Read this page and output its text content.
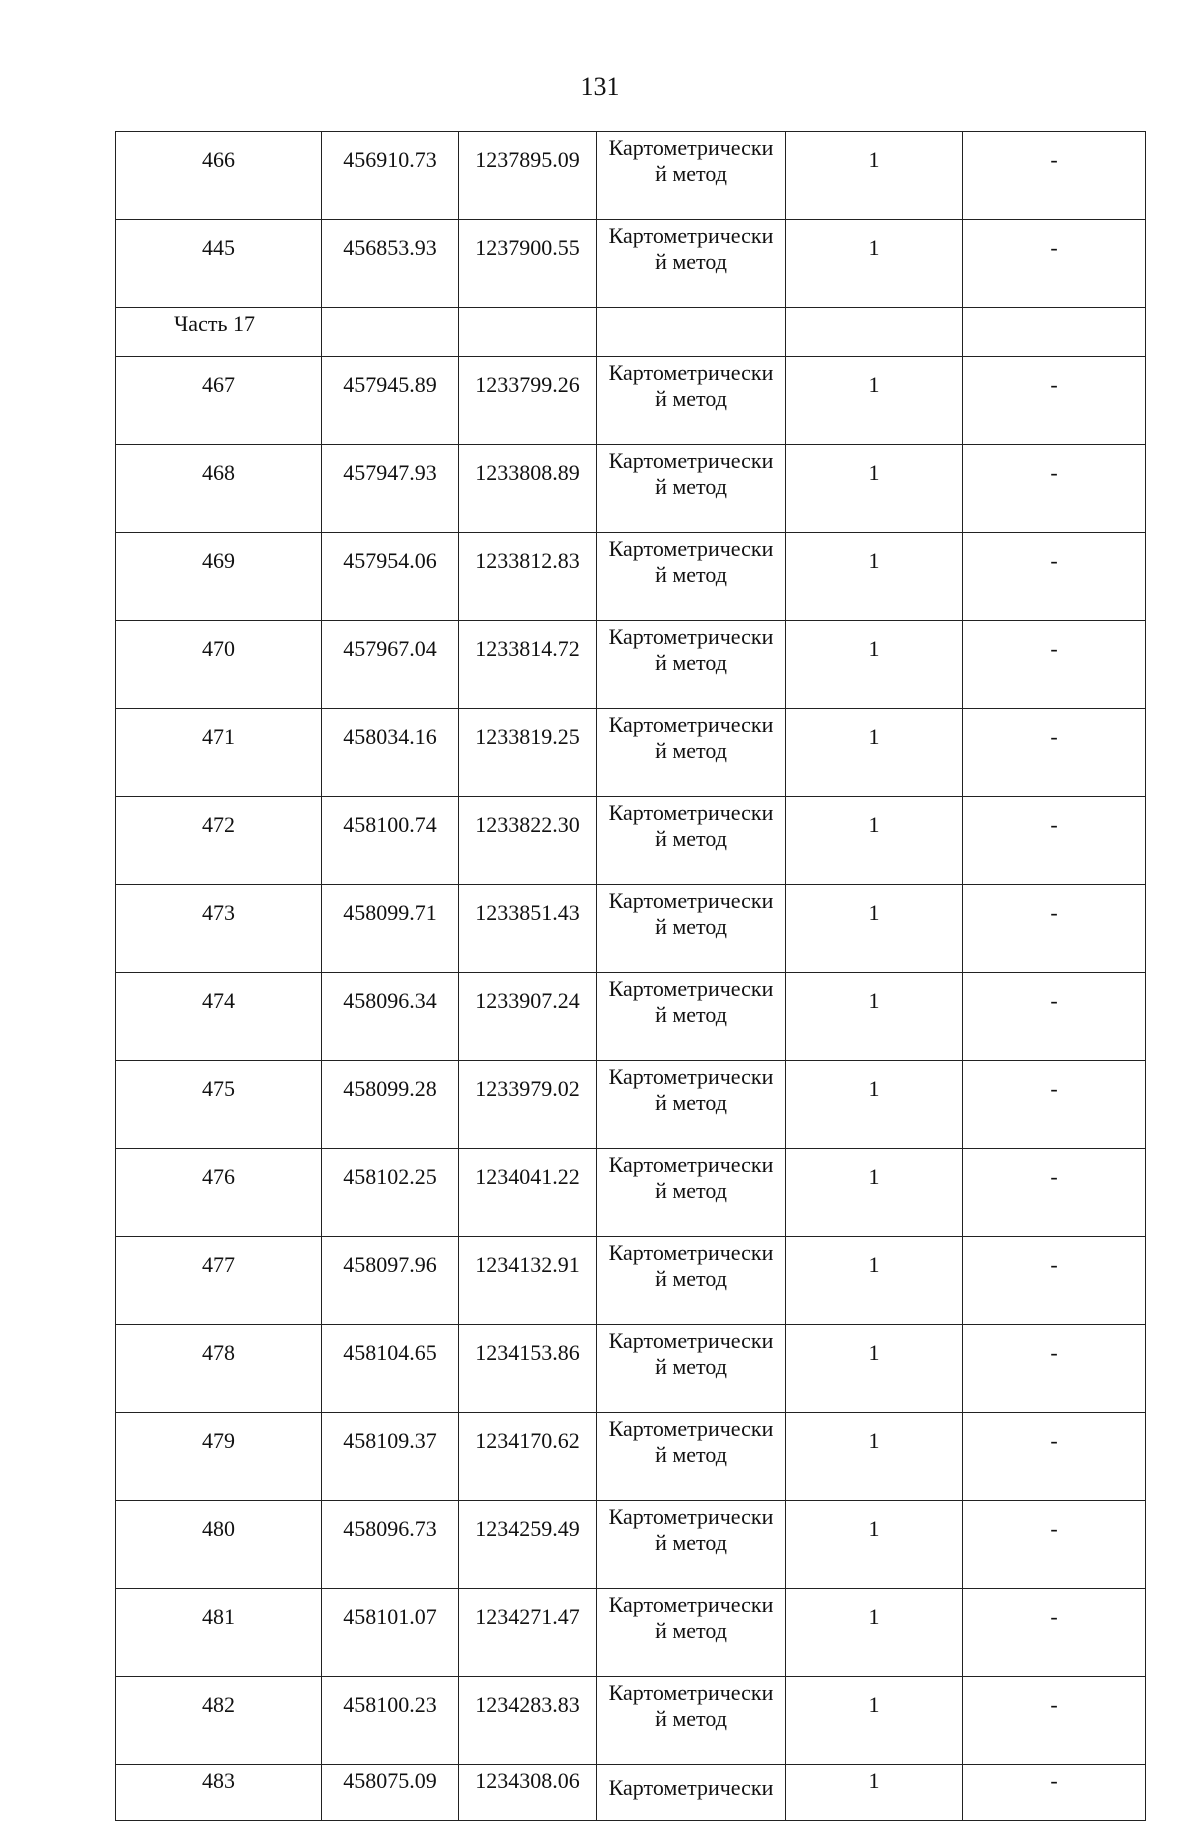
131
466	456910.73	1237895.09	Картометрически
й метод	1	-
445	456853.93	1237900.55	Картометрически
й метод	1	-
Часть 17					
467	457945.89	1233799.26	Картометрически
й метод	1	-
468	457947.93	1233808.89	Картометрически
й метод	1	-
469	457954.06	1233812.83	Картометрически
й метод	1	-
470	457967.04	1233814.72	Картометрически
й метод	1	-
471	458034.16	1233819.25	Картометрически
й метод	1	-
472	458100.74	1233822.30	Картометрически
й метод	1	-
473	458099.71	1233851.43	Картометрически
й метод	1	-
474	458096.34	1233907.24	Картометрически
й метод	1	-
475	458099.28	1233979.02	Картометрически
й метод	1	-
476	458102.25	1234041.22	Картометрически
й метод	1	-
477	458097.96	1234132.91	Картометрически
й метод	1	-
478	458104.65	1234153.86	Картометрически
й метод	1	-
479	458109.37	1234170.62	Картометрически
й метод	1	-
480	458096.73	1234259.49	Картометрически
й метод	1	-
481	458101.07	1234271.47	Картометрически
й метод	1	-
482	458100.23	1234283.83	Картометрически
й метод	1	-
483	458075.09	1234308.06	Картометрически	1	-
